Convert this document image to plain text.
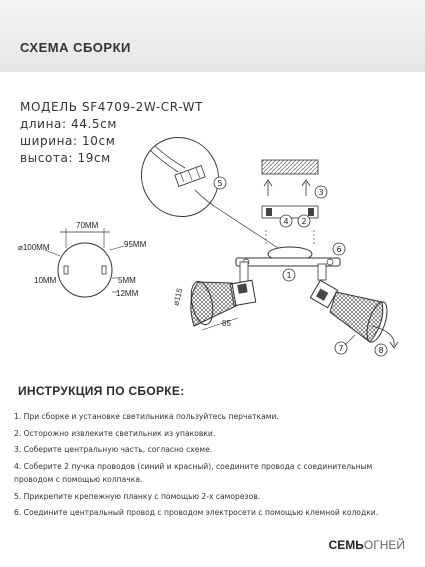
СХЕМА СБОРКИ
МОДЕЛЬ SF4709-2W-CR-WT
длина: 44.5см
ширина: 10см
высота: 19см
70MM
⌀100MM	95MM
10MM	5MM
12MM	⌀115
85
1
2
3
4
5
6
7	8
ИНСТРУКЦИЯ ПО СБОРКЕ:
1. При сборке и установке светильника пользуйтесь перчатками.
2. Осторожно извлеките светильник из упаковки.
3. Соберите центральную часть, согласно схеме.
4. Соберите 2 пучка проводов (синий и красный), соедините провода с соединительным
проводом с помощью колпачка.
5. Прикрепите крепежную планку с помощью 2-х саморезов.
6. Соедините центральный провод с проводом электросети с помощью клемной колодки.
СЕМЬОГНЕЙ
